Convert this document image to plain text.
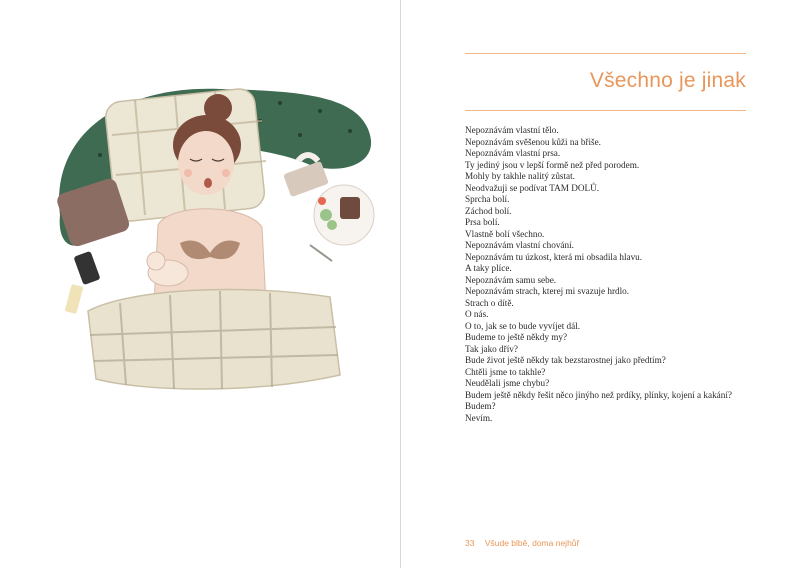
Všechno je jinak
Nepoznávám vlastní tělo.
Nepoznávám svěšenou kůži na břiše.
Nepoznávám vlastní prsa.
Ty jediný jsou v lepší formě než před porodem.
Mohly by takhle nalitý zůstat.
Neodvažuji se podívat TAM DOLŮ.
Sprcha bolí.
Záchod bolí.
Prsa bolí.
Vlastně bolí všechno.
Nepoznávám vlastní chování.
Nepoznávám tu úzkost, která mi obsadila hlavu.
A taky plíce.
Nepoznávám samu sebe.
Nepoznávám strach, kterej mi svazuje hrdlo.
Strach o dítě.
O nás.
O to, jak se to bude vyvíjet dál.
Budeme to ještě někdy my?
Tak jako dřív?
Bude život ještě někdy tak bezstarostnej jako předtím?
Chtěli jsme to takhle?
Neudělali jsme chybu?
Budem ještě někdy řešit něco jinýho než prdíky, plínky, kojení a kakání?
Budem?
Nevím.
33 Všude blbě, doma nejhůř
